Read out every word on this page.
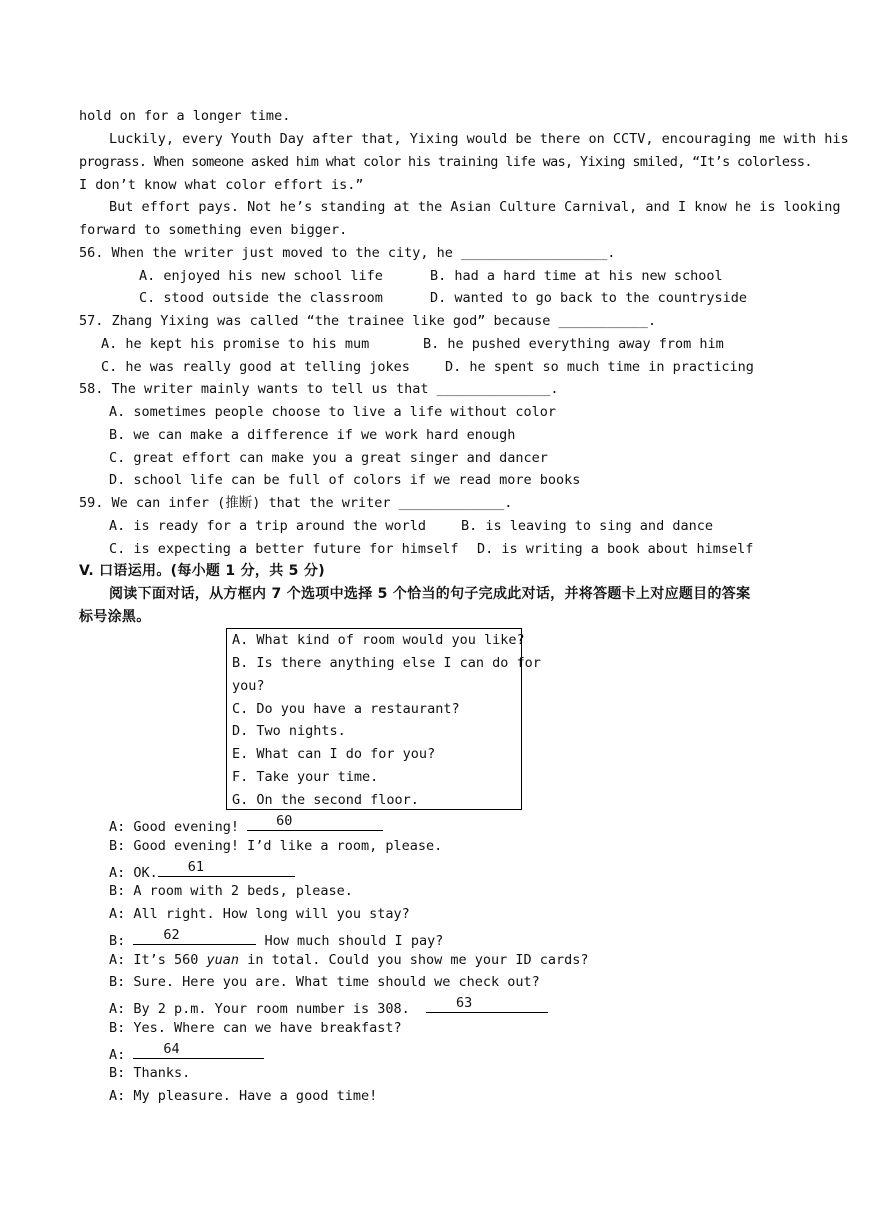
hold on for a longer time.
Luckily, every Youth Day after that, Yixing would be there on CCTV, encouraging me with his
prograss. When someone asked him what color his training life was, Yixing smiled, “It’s colorless.
I don’t know what color effort is.”
But effort pays. Not he’s standing at the Asian Culture Carnival, and I know he is looking
forward to something even bigger.
56. When the writer just moved to the city, he __________________.
A. enjoyed his new school life	B. had a hard time at his new school
C. stood outside the classroom	D. wanted to go back to the countryside
57. Zhang Yixing was called “the trainee like god” because ___________.
A. he kept his promise to his mum	B. he pushed everything away from him
C. he was really good at telling jokes	D. he spent so much time in practicing
58. The writer mainly wants to tell us that ______________.
A. sometimes people choose to live a life without color
B. we can make a difference if we work hard enough
C. great effort can make you a great singer and dancer
D. school life can be full of colors if we read more books
59. We can infer (推断) that the writer _____________.
A. is ready for a trip around the world	B. is leaving to sing and dance
C. is expecting a better future for himself D. is writing a book about himself
V. 口语运用。(每小题 1 分，共 5 分)
阅读下面对话，从方框内 7 个选项中选择 5 个恰当的句子完成此对话，并将答题卡上对应题目的答案
标号涂黑。
A. What kind of room would you like?
B. Is there anything else I can do for
you?
C. Do you have a restaurant?
D. Two nights.
E. What can I do for you?
F. Take your time.
G. On the second floor.
A: Good evening! 60
B: Good evening! I’d like a room, please.
A: OK. 61
B: A room with 2 beds, please.
A: All right. How long will you stay?
B: 62	How much should I pay?
A: It’s 560 yuan in total. Could you show me your ID cards?
B: Sure. Here you are. What time should we check out?
A: By 2 p.m. Your room number is 308. 63
B: Yes. Where can we have breakfast?
A: 64
B: Thanks.
A: My pleasure. Have a good time!
